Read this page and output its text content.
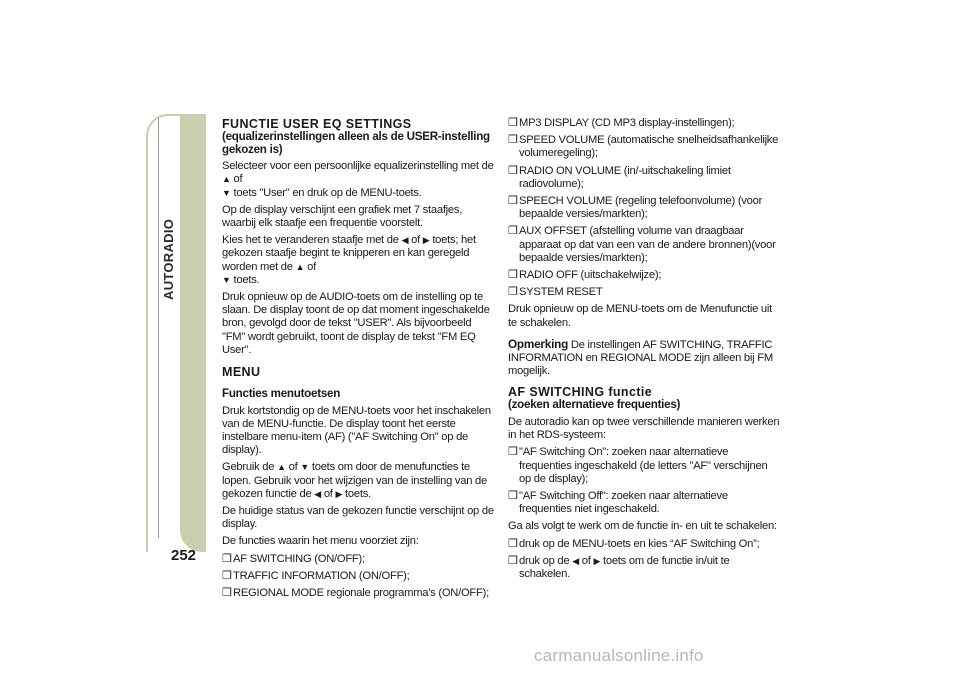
AUTORADIO
252
FUNCTIE USER EQ SETTINGS
(equalizerinstellingen alleen als de USER-instelling gekozen is)

Selecteer voor een persoonlijke equalizerinstelling met de ▲ of
▼ toets "User" en druk op de MENU-toets.

Op de display verschijnt een grafiek met 7 staafjes, waarbij elk staafje een frequentie voorstelt.

Kies het te veranderen staafje met de ◀ of ▶ toets; het gekozen staafje begint te knipperen en kan geregeld worden met de ▲ of
▼ toets.

Druk opnieuw op de AUDIO-toets om de instelling op te slaan. De display toont de op dat moment ingeschakelde bron, gevolgd door de tekst "USER". Als bijvoorbeeld "FM" wordt gebruikt, toont de display de tekst "FM EQ User".

MENU
Functies menutoetsen

Druk kortstondig op de MENU-toets voor het inschakelen van de MENU-functie. De display toont het eerste instelbare menu-item (AF) ("AF Switching On" op de display).

Gebruik de ▲ of ▼ toets om door de menufuncties te lopen. Gebruik voor het wijzigen van de instelling van de gekozen functie de ◀ of ▶ toets.

De huidige status van de gekozen functie verschijnt op de display.

De functies waarin het menu voorziet zijn:

❒AF SWITCHING (ON/OFF);
❒TRAFFIC INFORMATION (ON/OFF);
❒REGIONAL MODE regionale programma's (ON/OFF);
❒MP3 DISPLAY (CD MP3 display-instellingen);
❒SPEED VOLUME (automatische snelheidsafhankelijke volumeregeling);
❒RADIO ON VOLUME (in/-uitschakeling limiet radiovolume);
❒SPEECH VOLUME (regeling telefoonvolume) (voor bepaalde versies/markten);
❒AUX OFFSET (afstelling volume van draagbaar apparaat op dat van een van de andere bronnen)(voor bepaalde versies/markten);
❒RADIO OFF (uitschakelwijze);
❒SYSTEM RESET

Druk opnieuw op de MENU-toets om de Menufunctie uit te schakelen.

Opmerking De instellingen AF SWITCHING, TRAFFIC INFORMATION en REGIONAL MODE zijn alleen bij FM mogelijk.

AF SWITCHING functie
(zoeken alternatieve frequenties)

De autoradio kan op twee verschillende manieren werken in het RDS-systeem:

❒"AF Switching On": zoeken naar alternatieve frequenties ingeschakeld (de letters "AF" verschijnen op de display);
❒"AF Switching Off": zoeken naar alternatieve frequenties niet ingeschakeld.

Ga als volgt te werk om de functie in- en uit te schakelen:

❒druk op de MENU-toets en kies “AF Switching On”;
❒druk op de ◀ of ▶ toets om de functie in/uit te schakelen.
carmanualsonline.info
